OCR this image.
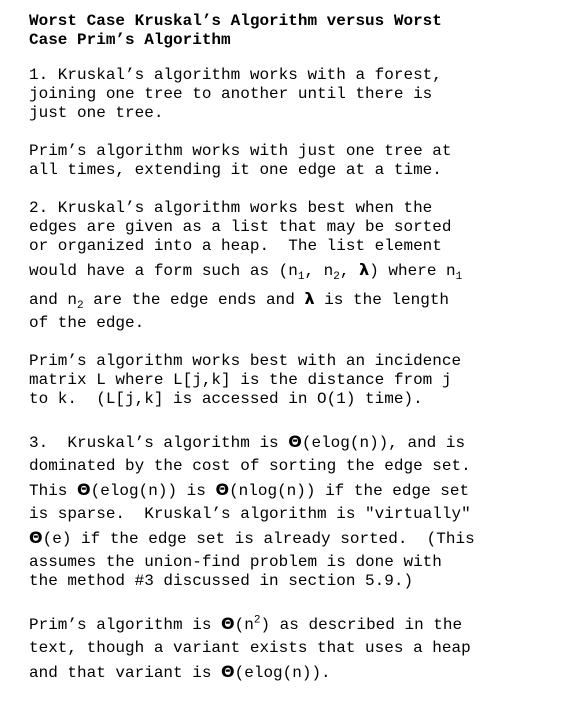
Worst Case Kruskal’s Algorithm versus Worst
Case Prim’s Algorithm
1. Kruskal’s algorithm works with a forest,
joining one tree to another until there is
just one tree.
Prim’s algorithm works with just one tree at
all times, extending it one edge at a time.
2. Kruskal’s algorithm works best when the
edges are given as a list that may be sorted
or organized into a heap.  The list element
would have a form such as ($n_1$, $n_2$, λ) where $n_1$
and $n_2$ are the edge ends and λ is the length
of the edge.
Prim’s algorithm works best with an incidence
matrix L where L[j,k] is the distance from j
to k.  (L[j,k] is accessed in O(1) time).
3.  Kruskal’s algorithm is Θ(elog(n)), and is
dominated by the cost of sorting the edge set.
This Θ(elog(n)) is Θ(nlog(n)) if the edge set
is sparse.  Kruskal’s algorithm is "virtually"
Θ(e) if the edge set is already sorted.  (This
assumes the union-find problem is done with
the method #3 discussed in section 5.9.)
Prim’s algorithm is $\Theta(n^2)$ as described in the
text, though a variant exists that uses a heap
and that variant is Θ(elog(n)).
